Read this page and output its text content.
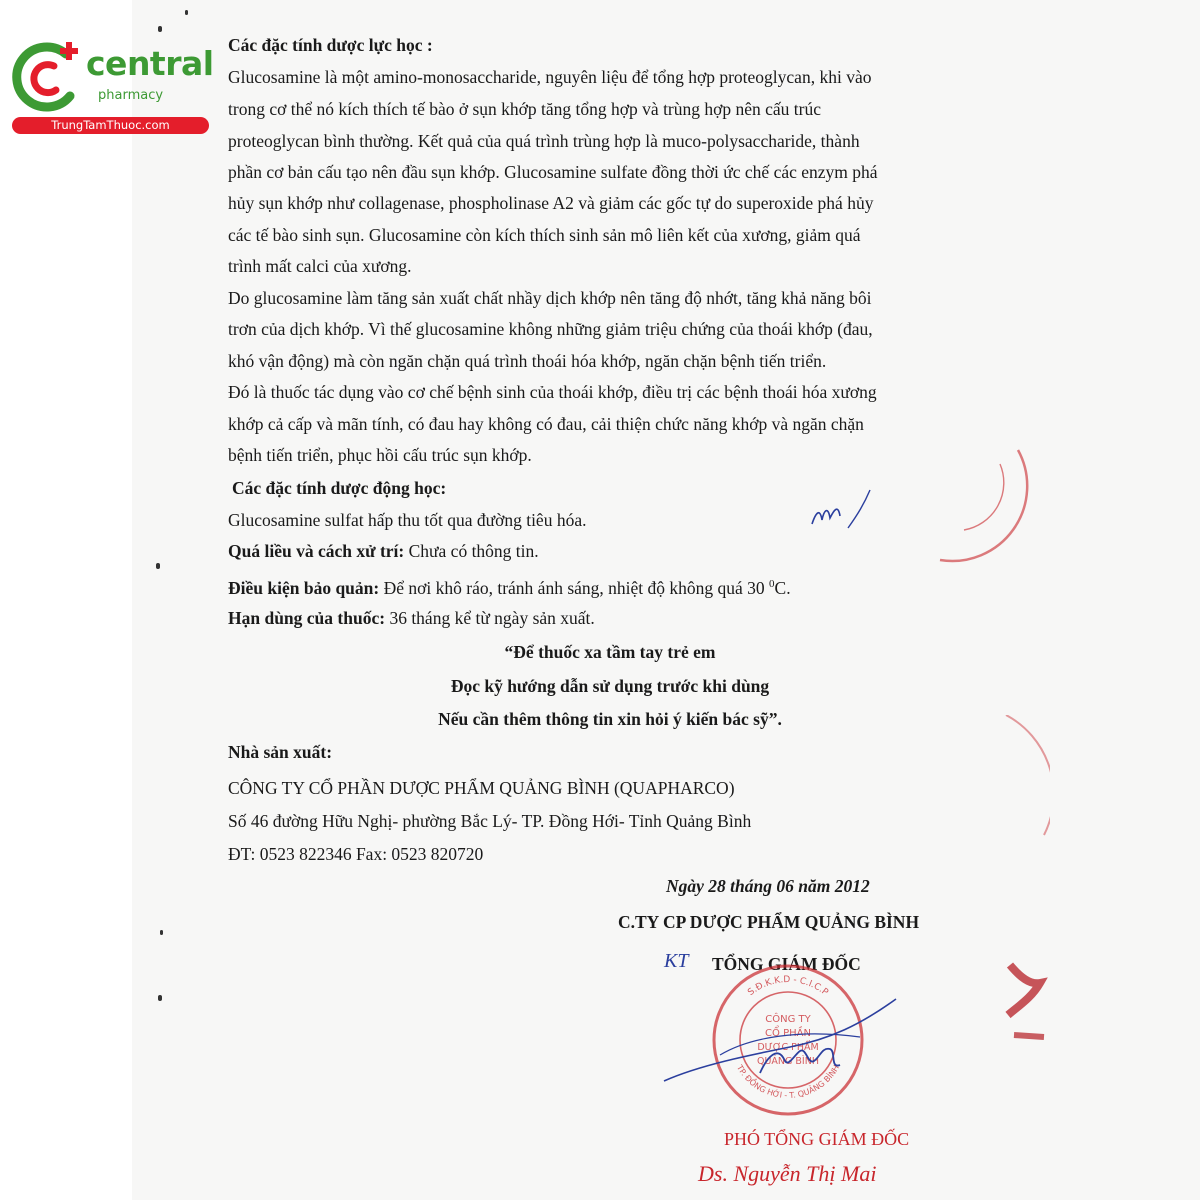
central
pharmacy
TrungTamThuoc.com
Các đặc tính dược lực học :
Glucosamine là một amino-monosaccharide, nguyên liệu để tổng hợp proteoglycan, khi vào
trong cơ thể nó kích thích tế bào ở sụn khớp tăng tổng hợp và trùng hợp nên cấu trúc
proteoglycan bình thường. Kết quả của quá trình trùng hợp là muco-polysaccharide, thành
phần cơ bản cấu tạo nên đầu sụn khớp. Glucosamine sulfate đồng thời ức chế các enzym phá
hủy sụn khớp như collagenase, phospholinase A2 và giảm các gốc tự do superoxide phá hủy
các tế bào sinh sụn. Glucosamine còn kích thích sinh sản mô liên kết của xương, giảm quá
trình mất calci của xương.
Do glucosamine làm tăng sản xuất chất nhầy dịch khớp nên tăng độ nhớt, tăng khả năng bôi
trơn của dịch khớp. Vì thế glucosamine không những giảm triệu chứng của thoái khớp (đau,
khó vận động) mà còn ngăn chặn quá trình thoái hóa khớp, ngăn chặn bệnh tiến triển.
Đó là thuốc tác dụng vào cơ chế bệnh sinh của thoái khớp, điều trị các bệnh thoái hóa xương
khớp cả cấp và mãn tính, có đau hay không có đau, cải thiện chức năng khớp và ngăn chặn
bệnh tiến triển, phục hồi cấu trúc sụn khớp.
Các đặc tính dược động học:
Glucosamine sulfat hấp thu tốt qua đường tiêu hóa.
Quá liều và cách xử trí: Chưa có thông tin.
Điều kiện bảo quản: Để nơi khô ráo, tránh ánh sáng, nhiệt độ không quá 30 $^0$C.
Hạn dùng của thuốc: 36 tháng kể từ ngày sản xuất.
“Để thuốc xa tầm tay trẻ em
Đọc kỹ hướng dẫn sử dụng trước khi dùng
Nếu cần thêm thông tin xin hỏi ý kiến bác sỹ”.
Nhà sản xuất:
CÔNG TY CỔ PHẦN DƯỢC PHẨM QUẢNG BÌNH (QUAPHARCO)
Số 46 đường Hữu Nghị- phường Bắc Lý- TP. Đồng Hới- Tỉnh Quảng Bình
ĐT: 0523 822346 Fax: 0523 820720
Ngày 28 tháng 06 năm 2012
C.TY CP DƯỢC PHẨM QUẢNG BÌNH
KT TỔNG GIÁM ĐỐC
S.Đ.K.K.D - C.I.C.P
TP. ĐỒNG HỚI - T. QUẢNG BÌNH
CÔNG TY
CỔ PHẦN
DƯỢC PHẨM
QUẢNG BÌNH
PHÓ TỔNG GIÁM ĐỐC
Ds. Nguyễn Thị Mai
